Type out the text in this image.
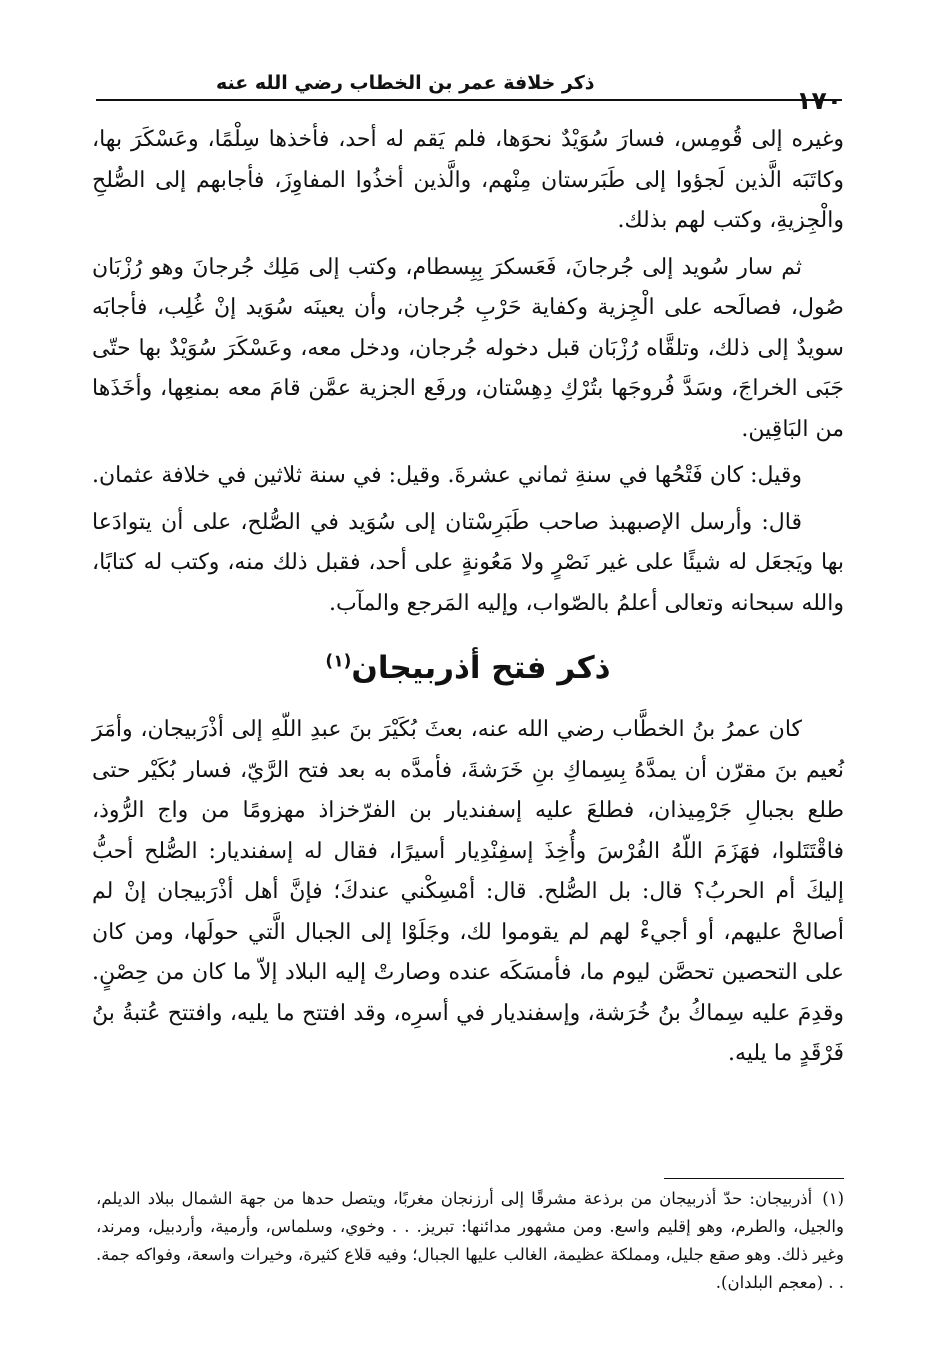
١٧٠
ذكر خلافة عمر بن الخطاب رضي الله عنه

وغيره إلى قُومِس، فسارَ سُوَيْدٌ نحوَها، فلم يَقم له أحد، فأخذها سِلْمًا، وعَسْكَرَ بها، وكاتَبَه الَّذين لَجؤوا إلى طَبَرستان مِنْهم، والَّذين أخذُوا المفاوِزَ، فأجابهم إلى الصُّلحِ والْجِزيةِ، وكتب لهم بذلك.

ثم سار سُويد إلى جُرجانَ، فَعَسكرَ بِبِسطام، وكتب إلى مَلِك جُرجانَ وهو رُزْبَان صُول، فصالَحه على الْجِزية وكفاية حَرْبِ جُرجان، وأن يعينَه سُوَيد إنْ غُلِب، فأجابَه سويدٌ إلى ذلك، وتلقَّاه رُزْبَان قبل دخوله جُرجان، ودخل معه، وعَسْكَرَ سُوَيْدٌ بها حتّى جَبَى الخراجَ، وسَدَّ فُروجَها بتُرْكِ دِهِسْتان، ورفَع الجزية عمَّن قامَ معه بمنعِها، وأخَذَها من البَاقِين.

وقيل: كان فَتْحُها في سنةِ ثماني عشرةَ. وقيل: في سنة ثلاثين في خلافة عثمان.

قال: وأرسل الإصبهبذ صاحب طَبَرِسْتان إلى سُوَيد في الصُّلح، على أن يتوادَعا بها ويَجعَل له شيئًا على غير نَصْرٍ ولا مَعُونةٍ على أحد، فقبل ذلك منه، وكتب له كتابًا، والله سبحانه وتعالى أعلمُ بالصّواب، وإليه المَرجع والمآب.

ذكر فتح أذربيجان$^{(١)}$

كان عمرُ بنُ الخطَّاب رضي الله عنه، بعثَ بُكَيْرَ بنَ عبدِ اللّهِ إلى أذْرَبيجان، وأمَرَ نُعيم بنَ مقرّن أن يمدَّهُ بِسِماكِ بنِ خَرَشةَ، فأمدَّه به بعد فتح الرَّيّ، فسار بُكَيْر حتى طلع بجبالِ جَرْمِيذان، فطلعَ عليه إسفنديار بن الفرّخزاذ مهزومًا من واج الرُّوذ، فاقْتَتَلوا، فهَزَمَ اللّهُ الفُرْسَ وأُخِذَ إسفِنْدِيار أسيرًا، فقال له إسفنديار: الصُّلح أحبُّ إليكَ أم الحربُ؟ قال: بل الصُّلح. قال: أمْسِكْني عندكَ؛ فإنَّ أهل أذْرَبيجان إنْ لم أصالحْ عليهم، أو أجيءْ لهم لم يقوموا لك، وجَلَوْا إلى الجبال الَّتي حولَها، ومن كان على التحصين تحصَّن ليوم ما، فأمسَكَه عنده وصارتْ إليه البلاد إلاّ ما كان من حِصْنٍ. وقدِمَ عليه سِماكُ بنُ خُرَشة، وإسفنديار في أسرِه، وقد افتتح ما يليه، وافتتح عُتبةُ بنُ فَرْقَدٍ ما يليه.

(١)أذربيجان: حدّ أذربيجان من برذعة مشرقًا إلى أرزنجان مغربًا، ويتصل حدها من جهة الشمال ببلاد الديلم، والجيل، والطرم، وهو إقليم واسع. ومن مشهور مدائنها: تبريز. . . وخوي، وسلماس، وأرمية، وأردبيل، ومرند، وغير ذلك. وهو صقع جليل، ومملكة عظيمة، الغالب عليها الجبال؛ وفيه قلاع كثيرة، وخيرات واسعة، وفواكه جمة. . . (معجم البلدان).
